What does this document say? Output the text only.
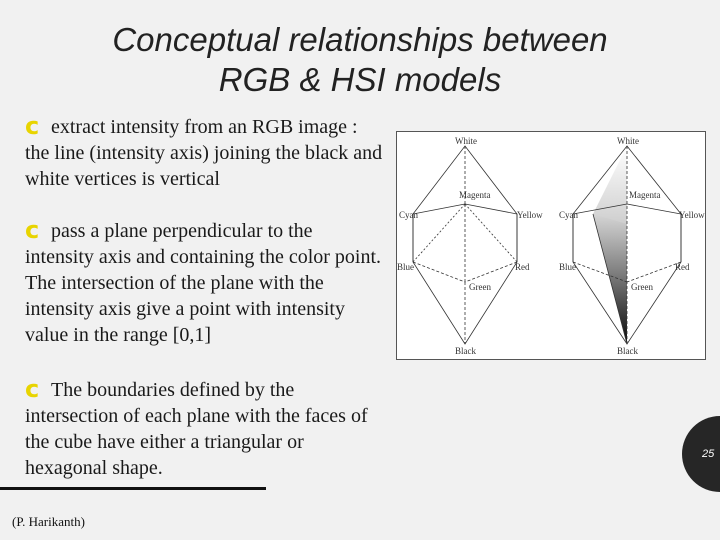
Conceptual relationships between
RGB & HSI models
c extract intensity from an RGB image : the line (intensity axis) joining the black and white vertices is vertical
c pass a plane perpendicular to the intensity axis and containing the color point. The intersection of the plane with the intensity axis give a point with intensity value in the range [0,1]
c The boundaries defined by the intersection of each plane with the faces of the cube have either a triangular or hexagonal shape.
White
Magenta
Cyan	Yellow
Blue	Red
Green
Black
White
Magenta
Cyan	Yellow
Blue	Red
Green
Black
(P. Harikanth)
25
